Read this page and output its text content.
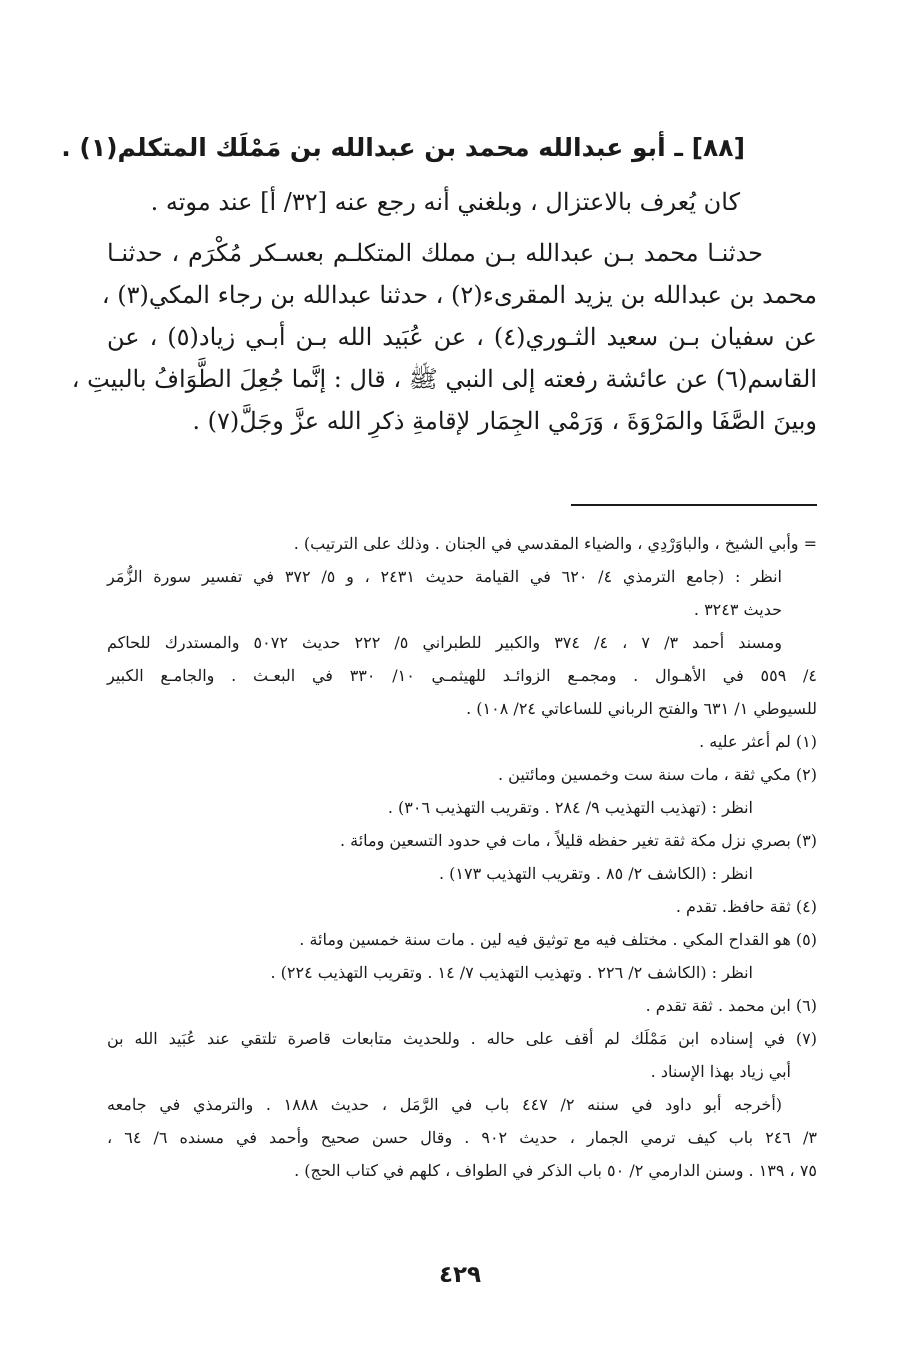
[٨٨] ـ أبو عبدالله محمد بن عبدالله بن مَمْلَك المتكلم(١) .
كان يُعرف بالاعتزال ، وبلغني أنه رجع عنه [٣٢/ أ] عند موته .
حدثنـا محمد بـن عبدالله بـن مملك المتكلـم بعسـكر مُكْرَم ، حدثنـا
محمد بن عبدالله بن يزيد المقرىء(٢) ، حدثنا عبدالله بن رجاء المكي(٣) ،
عن سفيان بـن سعيد الثـوري(٤) ، عن عُبَيد الله بـن أبـي زياد(٥) ، عن
القاسم(٦) عن عائشة رفعته إلى النبي ﷺ ، قال : إنَّما جُعِلَ الطَّوَافُ بالبيتِ ،
وبينَ الصَّفَا والمَرْوَةَ ، وَرَمْي الجِمَار لإقامةِ ذكرِ الله عزَّ وجَلَّ(٧) .
= وأبي الشيخ ، والباوَرْدِي ، والضياء المقدسي في الجنان . وذلك على الترتيب) .
انظر : (جامع الترمذي ٤/ ٦٢٠ في القيامة حديث ٢٤٣١ ، و ٥/ ٣٧٢ في تفسير سورة الزُّمَر
حديث ٣٢٤٣ .
ومسند أحمد ٣/ ٧ ، ٤/ ٣٧٤ والكبير للطبراني ٥/ ٢٢٢ حديث ٥٠٧٢ والمستدرك للحاكم
٤/ ٥٥٩ في الأهـوال . ومجمـع الزوائـد للهيثمـي ١٠/ ٣٣٠ في البعـث . والجامـع الكبير
للسيوطي ١/ ٦٣١ والفتح الرباني للساعاتي ٢٤/ ١٠٨) .
(١) لم أعثر عليه .
(٢) مكي ثقة ، مات سنة ست وخمسين ومائتين .
انظر : (تهذيب التهذيب ٩/ ٢٨٤ . وتقريب التهذيب ٣٠٦) .
(٣) بصري نزل مكة ثقة تغير حفظه قليلاً ، مات في حدود التسعين ومائة .
انظر : (الكاشف ٢/ ٨٥ . وتقريب التهذيب ١٧٣) .
(٤) ثقة حافظ. تقدم .
(٥) هو القداح المكي . مختلف فيه مع توثيق فيه لين . مات سنة خمسين ومائة .
انظر : (الكاشف ٢/ ٢٢٦ . وتهذيب التهذيب ٧/ ١٤ . وتقريب التهذيب ٢٢٤) .
(٦) ابن محمد . ثقة تقدم .
(٧) في إسناده ابن مَمْلَك لم أقف على حاله . وللحديث متابعات قاصرة تلتقي عند عُبَيد الله بن
أبي زياد بهذا الإسناد .
(أخرجه أبو داود في سننه ٢/ ٤٤٧ باب في الرَّمَل ، حديث ١٨٨٨ . والترمذي في جامعه
٣/ ٢٤٦ باب كيف ترمي الجمار ، حديث ٩٠٢ . وقال حسن صحيح وأحمد في مسنده ٦/ ٦٤ ،
٧٥ ، ١٣٩ . وسنن الدارمي ٢/ ٥٠ باب الذكر في الطواف ، كلهم في كتاب الحج) .
٤٢٩
